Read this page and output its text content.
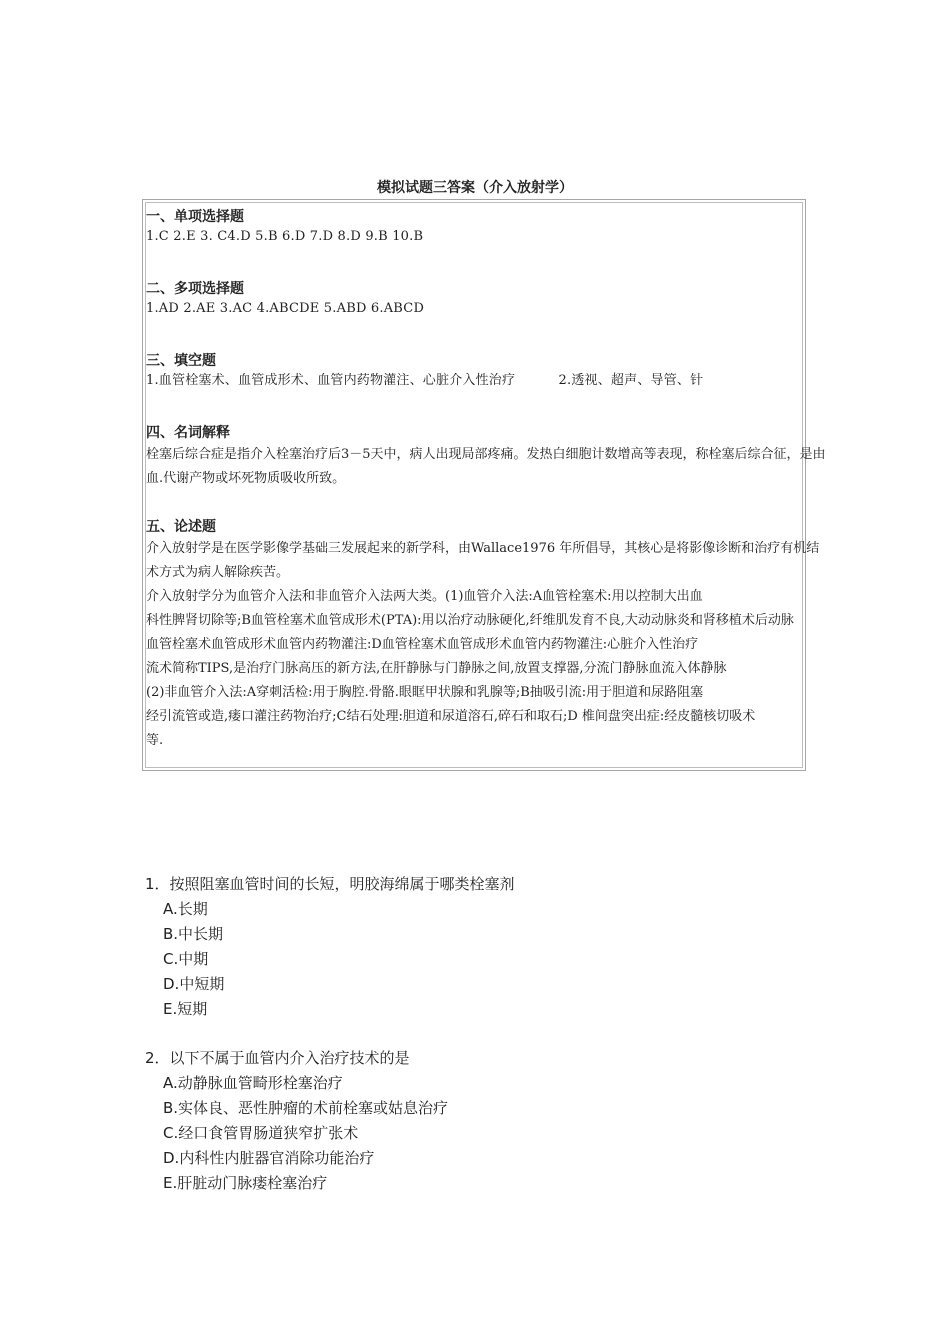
模拟试题三答案（介入放射学）
一、单项选择题
1.C 2.E 3. C4.D 5.B 6.D 7.D 8.D 9.B 10.B
二、多项选择题
1.AD 2.AE 3.AC 4.ABCDE 5.ABD 6.ABCD
三、填空题
1.血管栓塞术、血管成形术、血管内药物灌注、心脏介入性治疗          2.透视、超声、导管、针
四、名词解释
栓塞后综合症是指介入栓塞治疗后3－5天中，病人出现局部疼痛。发热白细胞计数增高等表现，称栓塞后综合征，是由
血.代谢产物或坏死物质吸收所致。
五、论述题
介入放射学是在医学影像学基础三发展起来的新学科，由Wallace1976 年所倡导，其核心是将影像诊断和治疗有机结
术方式为病人解除疾苦。
介入放射学分为血管介入法和非血管介入法两大类。(1)血管介入法:A血管栓塞术:用以控制大出血
科性脾肾切除等;B血管栓塞术血管成形术(PTA):用以治疗动脉硬化,纤维肌发育不良,大动动脉炎和肾移植术后动脉
血管栓塞术血管成形术血管内药物灌注:D血管栓塞术血管成形术血管内药物灌注:心脏介入性治疗
流术简称TIPS,是治疗门脉高压的新方法,在肝静脉与门静脉之间,放置支撑器,分流门静脉血流入体静脉
(2)非血管介入法:A穿刺活检:用于胸腔.骨骼.眼眶甲状腺和乳腺等;B抽吸引流:用于胆道和尿路阻塞
经引流管或造,瘘口灌注药物治疗;C结石处理:胆道和尿道溶石,碎石和取石;D 椎间盘突出症:经皮髓核切吸术
等.
1．按照阻塞血管时间的长短，明胶海绵属于哪类栓塞剂
A.长期
B.中长期
C.中期
D.中短期
E.短期
2．以下不属于血管内介入治疗技术的是
A.动静脉血管畸形栓塞治疗
B.实体良、恶性肿瘤的术前栓塞或姑息治疗
C.经口食管胃肠道狭窄扩张术
D.内科性内脏器官消除功能治疗
E.肝脏动门脉瘘栓塞治疗
